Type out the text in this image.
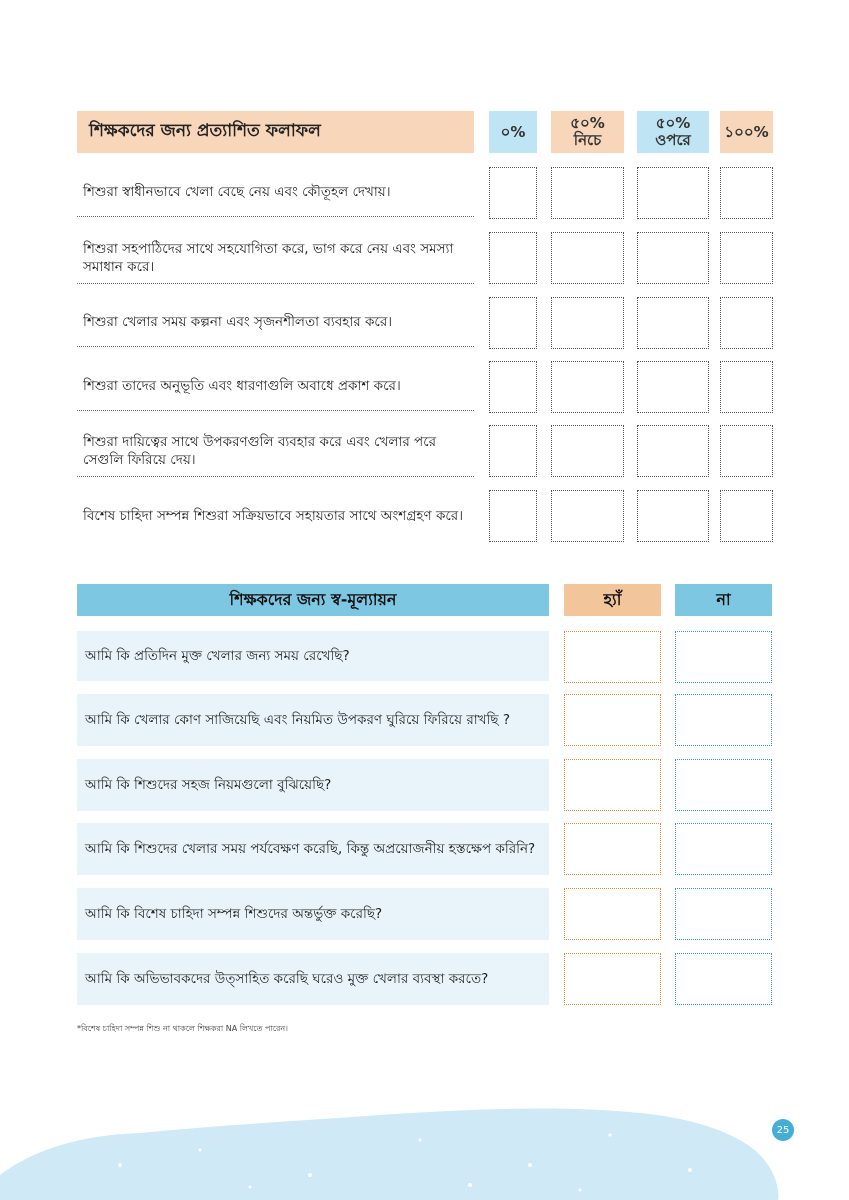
শিক্ষকদের জন্য প্রত্যাশিত ফলাফল	০%	৫০%
নিচে
৫০%
ওপরে	১০০%
শিশুরা স্বাধীনভাবে খেলা বেছে নেয় এবং কৌতূহল দেখায়।
শিশুরা সহপাঠিদের সাথে সহযোগিতা করে, ভাগ করে নেয় এবং সমস্যা সমাধান করে।
শিশুরা খেলার সময় কল্পনা এবং সৃজনশীলতা ব্যবহার করে।
শিশুরা তাদের অনুভূতি এবং ধারণাগুলি অবাধে প্রকাশ করে।
শিশুরা দায়িত্বের সাথে উপকরণগুলি ব্যবহার করে এবং খেলার পরে সেগুলি ফিরিয়ে দেয়।
বিশেষ চাহিদা সম্পন্ন শিশুরা সক্রিয়ভাবে সহায়তার সাথে অংশগ্রহণ করে।
শিক্ষকদের জন্য স্ব-মূল্যায়ন	হ্যাঁ	না
আমি কি প্রতিদিন মুক্ত খেলার জন্য সময় রেখেছি?
আমি কি খেলার কোণ সাজিয়েছি এবং নিয়মিত উপকরণ ঘুরিয়ে ফিরিয়ে রাখছি ?
আমি কি শিশুদের সহজ নিয়মগুলো বুঝিয়েছি?
আমি কি শিশুদের খেলার সময় পর্যবেক্ষণ করেছি, কিন্তু অপ্রয়োজনীয় হস্তক্ষেপ করিনি?
আমি কি বিশেষ চাহিদা সম্পন্ন শিশুদের অন্তর্ভুক্ত করেছি?
আমি কি অভিভাবকদের উত্সাহিত করেছি ঘরেও মুক্ত খেলার ব্যবস্থা করতে?
*বিশেষ চাহিদা সম্পন্ন শিশু না থাকলে শিক্ষকরা NA লিখতে পারেন।
25
